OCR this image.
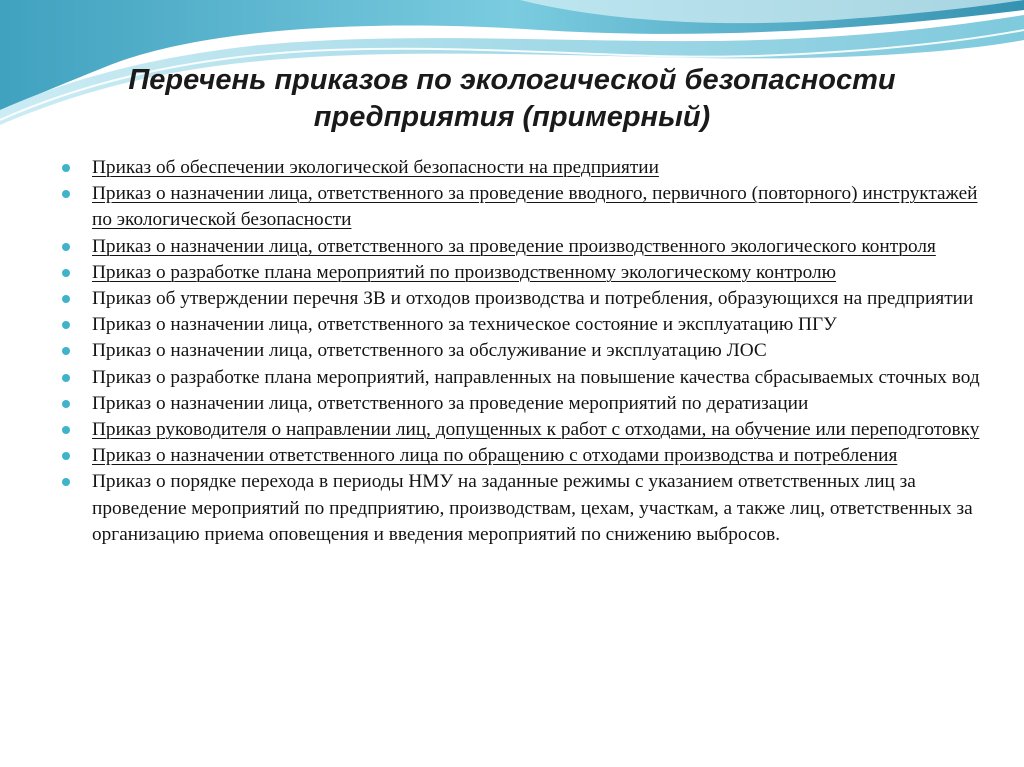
Перечень приказов по экологической безопасности
предприятия (примерный)
Приказ об обеспечении экологической безопасности на предприятии
Приказ о назначении лица, ответственного за проведение вводного, первичного (повторного) инструктажей по экологической безопасности
Приказ о назначении лица, ответственного за проведение производственного экологического контроля
Приказ о разработке плана мероприятий по производственному экологическому контролю
Приказ об утверждении перечня ЗВ и отходов производства и потребления, образующихся на предприятии
Приказ о назначении лица, ответственного за техническое состояние и эксплуатацию ПГУ
Приказ о назначении лица, ответственного за обслуживание и эксплуатацию ЛОС
Приказ о разработке плана мероприятий, направленных на повышение качества сбрасываемых сточных вод
Приказ о назначении лица, ответственного за проведение мероприятий по дератизации
Приказ руководителя о направлении лиц, допущенных к работ с отходами, на обучение или переподготовку
Приказ о назначении ответственного лица по обращению с отходами производства и потребления
Приказ о порядке перехода в периоды НМУ на заданные режимы с указанием ответственных лиц за проведение мероприятий по предприятию, производствам, цехам, участкам, а также лиц, ответственных за организацию приема оповещения и введения мероприятий по снижению выбросов.
